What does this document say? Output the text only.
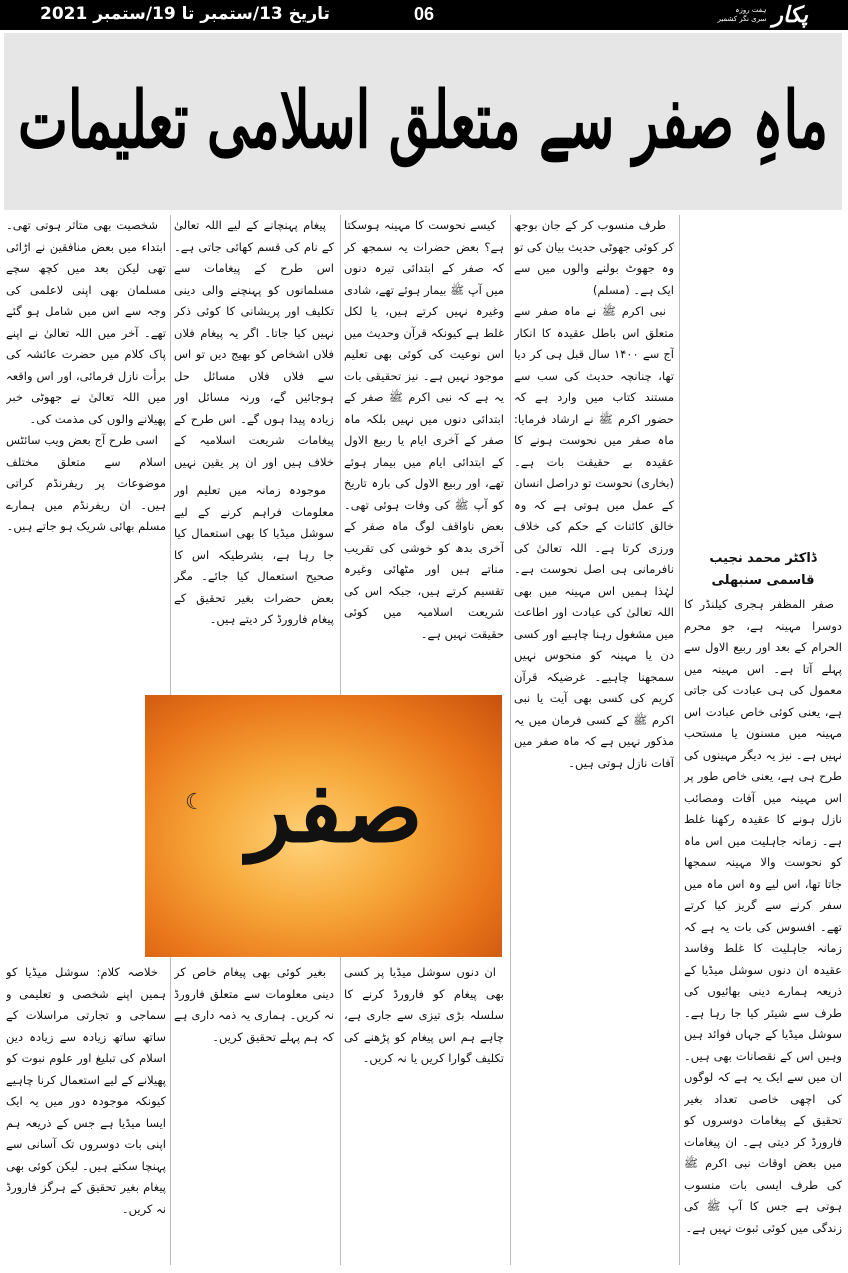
پکار
ہفت روزہ
سری نگر کشمیر
06
تاریخ 13/ستمبر تا 19/ستمبر 2021
ماہِ صفر سے متعلق اسلامی تعلیمات
ڈاکٹر محمد نجیب قاسمی سنبھلی

صفر المظفر ہجری کیلنڈر کا دوسرا مہینہ ہے، جو محرم الحرام کے بعد اور ربیع الاول سے پہلے آتا ہے۔ اس مہینہ میں معمول کی ہی عبادت کی جاتی ہے، یعنی کوئی خاص عبادت اس مہینہ میں مسنون یا مستحب نہیں ہے۔ نیز یہ دیگر مہینوں کی طرح ہی ہے، یعنی خاص طور پر اس مہینہ میں آفات ومصائب نازل ہونے کا عقیدہ رکھنا غلط ہے۔ زمانہ جاہلیت میں اس ماہ کو نحوست والا مہینہ سمجھا جاتا تھا، اس لیے وہ اس ماہ میں سفر کرنے سے گریز کیا کرتے تھے۔ افسوس کی بات یہ ہے کہ زمانہ جاہلیت کا غلط وفاسد عقیدہ ان دنوں سوشل میڈیا کے ذریعہ ہمارے دینی بھائیوں کی طرف سے شیئر کیا جا رہا ہے۔ سوشل میڈیا کے جہاں فوائد ہیں وہیں اس کے نقصانات بھی ہیں۔ ان میں سے ایک یہ ہے کہ لوگوں کی اچھی خاصی تعداد بغیر تحقیق کے پیغامات دوسروں کو فارورڈ کر دیتی ہے۔ ان پیغامات میں بعض اوقات نبی اکرم ﷺ کی طرف ایسی بات منسوب ہوتی ہے جس کا آپ ﷺ کی زندگی میں کوئی ثبوت نہیں ہے۔

طرف منسوب کر کے جان بوجھ کر کوئی جھوٹی حدیث بیان کی تو وہ جھوٹ بولنے والوں میں سے ایک ہے۔ (مسلم)

نبی اکرم ﷺ نے ماہ صفر سے متعلق اس باطل عقیدہ کا انکار آج سے ۱۴۰۰ سال قبل ہی کر دیا تھا، چنانچہ حدیث کی سب سے مستند کتاب میں وارد ہے کہ حضور اکرم ﷺ نے ارشاد فرمایا: ماہ صفر میں نحوست ہونے کا عقیدہ بے حقیقت بات ہے۔ (بخاری) نحوست تو دراصل انسان کے عمل میں ہوتی ہے کہ وہ خالق کائنات کے حکم کی خلاف ورزی کرتا ہے۔ اللہ تعالیٰ کی نافرمانی ہی اصل نحوست ہے۔ لہٰذا ہمیں اس مہینہ میں بھی اللہ تعالیٰ کی عبادت اور اطاعت میں مشغول رہنا چاہیے اور کسی دن یا مہینہ کو منحوس نہیں سمجھنا چاہیے۔ غرضیکہ قرآن کریم کی کسی بھی آیت یا نبی اکرم ﷺ کے کسی فرمان میں یہ مذکور نہیں ہے کہ ماہ صفر میں آفات نازل ہوتی ہیں۔

کیسے نحوست کا مہینہ ہوسکتا ہے؟ بعض حضرات یہ سمجھ کر کہ صفر کے ابتدائی تیرہ دنوں میں آپ ﷺ بیمار ہوئے تھے، شادی وغیرہ نہیں کرتے ہیں، یا لکل غلط ہے کیونکہ قرآن وحدیث میں اس نوعیت کی کوئی بھی تعلیم موجود نہیں ہے۔ نیز تحقیقی بات یہ ہے کہ نبی اکرم ﷺ صفر کے ابتدائی دنوں میں نہیں بلکہ ماہ صفر کے آخری ایام یا ربیع الاول کے ابتدائی ایام میں بیمار ہوئے تھے، اور ربیع الاول کی بارہ تاریخ کو آپ ﷺ کی وفات ہوئی تھی۔ بعض ناواقف لوگ ماہ صفر کے آخری بدھ کو خوشی کی تقریب مناتے ہیں اور مٹھائی وغیرہ تقسیم کرتے ہیں، جبکہ اس کی شریعت اسلامیہ میں کوئی حقیقت نہیں ہے۔

ان دنوں سوشل میڈیا پر کسی بھی پیغام کو فارورڈ کرنے کا سلسلہ بڑی تیزی سے جاری ہے، چاہے ہم اس پیغام کو پڑھنے کی تکلیف گوارا کریں یا نہ کریں۔

پیغام پہنچانے کے لیے اللہ تعالیٰ کے نام کی قسم کھائی جاتی ہے۔ اس طرح کے پیغامات سے مسلمانوں کو پہنچنے والی دینی تکلیف اور پریشانی کا کوئی ذکر نہیں کیا جاتا۔ اگر یہ پیغام فلاں فلاں اشخاص کو بھیج دیں تو اس سے فلاں فلاں مسائل حل ہوجائیں گے، ورنہ مسائل اور زیادہ پیدا ہوں گے۔ اس طرح کے پیغامات شریعت اسلامیہ کے خلاف ہیں اور ان پر یقین نہیں

موجودہ زمانہ میں تعلیم اور معلومات فراہم کرنے کے لیے سوشل میڈیا کا بھی استعمال کیا جا رہا ہے، بشرطیکہ اس کا صحیح استعمال کیا جائے۔ مگر بعض حضرات بغیر تحقیق کے پیغام فارورڈ کر دیتے ہیں۔

بغیر کوئی بھی پیغام خاص کر دینی معلومات سے متعلق فارورڈ نہ کریں۔ ہماری یہ ذمہ داری ہے کہ ہم پہلے تحقیق کریں۔

شخصیت بھی متاثر ہوتی تھی۔ ابتداء میں بعض منافقین نے اڑائی تھی لیکن بعد میں کچھ سچے مسلمان بھی اپنی لاعلمی کی وجہ سے اس میں شامل ہو گئے تھے۔ آخر میں اللہ تعالیٰ نے اپنے پاک کلام میں حضرت عائشہ کی برأت نازل فرمائی، اور اس واقعہ میں اللہ تعالیٰ نے جھوٹی خبر پھیلانے والوں کی مذمت کی۔

اسی طرح آج بعض ویب سائٹس اسلام سے متعلق مختلف موضوعات پر ریفرنڈم کراتی ہیں۔ ان ریفرنڈم میں ہمارے مسلم بھائی شریک ہو جاتے ہیں۔

خلاصہ کلام: سوشل میڈیا کو ہمیں اپنے شخصی و تعلیمی و سماجی و تجارتی مراسلات کے ساتھ ساتھ زیادہ سے زیادہ دین اسلام کی تبلیغ اور علوم نبوت کو پھیلانے کے لیے استعمال کرنا چاہیے کیونکہ موجودہ دور میں یہ ایک ایسا میڈیا ہے جس کے ذریعہ ہم اپنی بات دوسروں تک آسانی سے پہنچا سکتے ہیں۔ لیکن کوئی بھی پیغام بغیر تحقیق کے ہرگز فارورڈ نہ کریں۔

☾ صفر
